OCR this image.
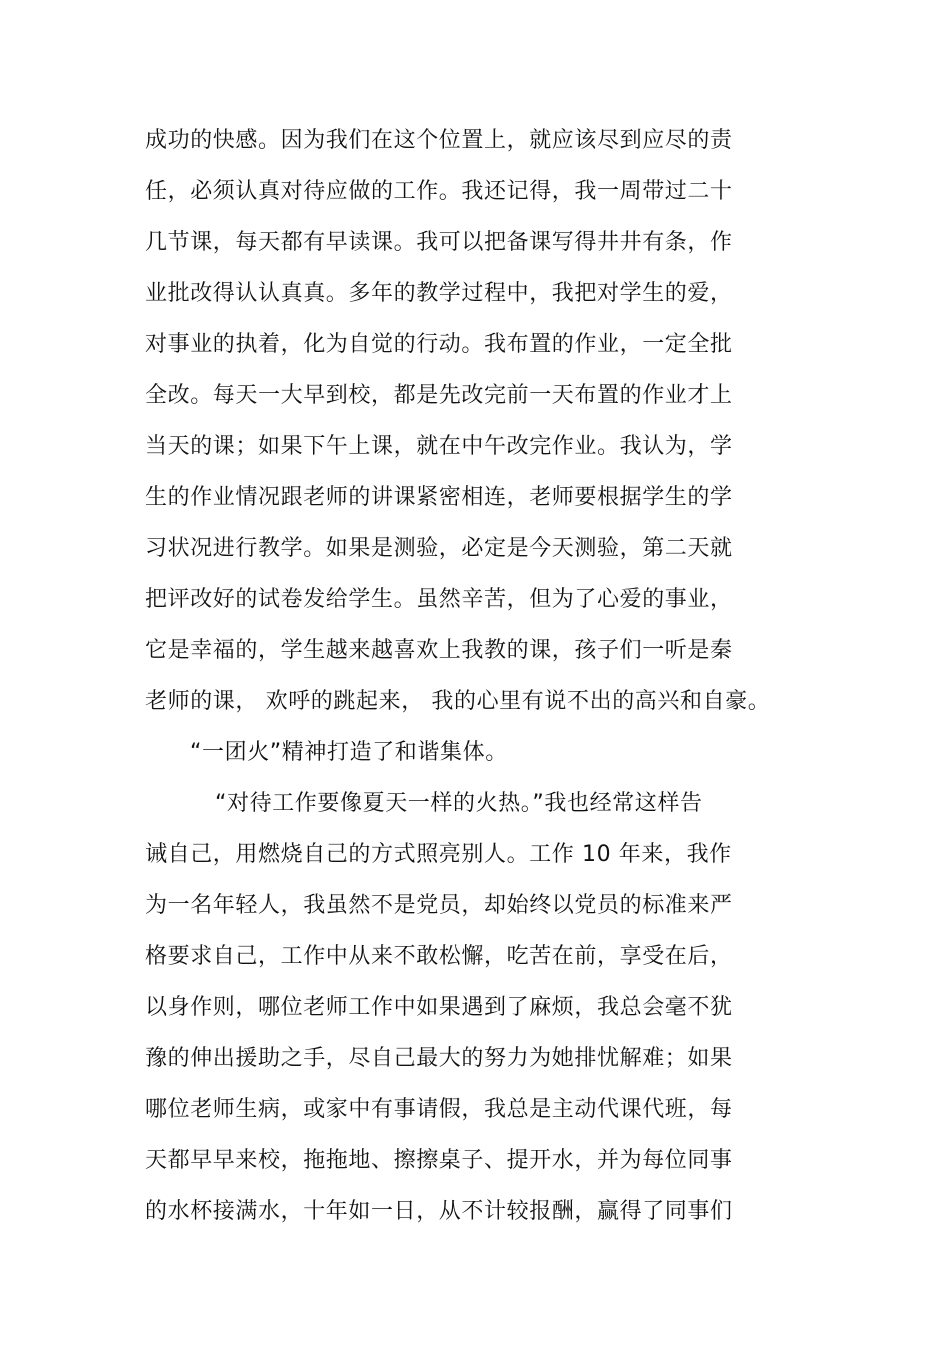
成功的快感。因为我们在这个位置上，就应该尽到应尽的责
任，必须认真对待应做的工作。我还记得，我一周带过二十
几节课，每天都有早读课。我可以把备课写得井井有条，作
业批改得认认真真。多年的教学过程中，我把对学生的爱，
对事业的执着，化为自觉的行动。我布置的作业，一定全批
全改。每天一大早到校，都是先改完前一天布置的作业才上
当天的课；如果下午上课，就在中午改完作业。我认为，学
生的作业情况跟老师的讲课紧密相连，老师要根据学生的学
习状况进行教学。如果是测验，必定是今天测验，第二天就
把评改好的试卷发给学生。虽然辛苦，但为了心爱的事业，
它是幸福的，学生越来越喜欢上我教的课，孩子们一听是秦
老师的课， 欢呼的跳起来， 我的心里有说不出的高兴和自豪。
“一团火”精神打造了和谐集体。
“对待工作要像夏天一样的火热。”我也经常这样告
诫自己，用燃烧自己的方式照亮别人。工作 10 年来，我作
为一名年轻人，我虽然不是党员，却始终以党员的标准来严
格要求自己，工作中从来不敢松懈，吃苦在前，享受在后，
以身作则，哪位老师工作中如果遇到了麻烦，我总会毫不犹
豫的伸出援助之手，尽自己最大的努力为她排忧解难；如果
哪位老师生病，或家中有事请假，我总是主动代课代班，每
天都早早来校，拖拖地、擦擦桌子、提开水，并为每位同事
的水杯接满水，十年如一日，从不计较报酬，赢得了同事们
